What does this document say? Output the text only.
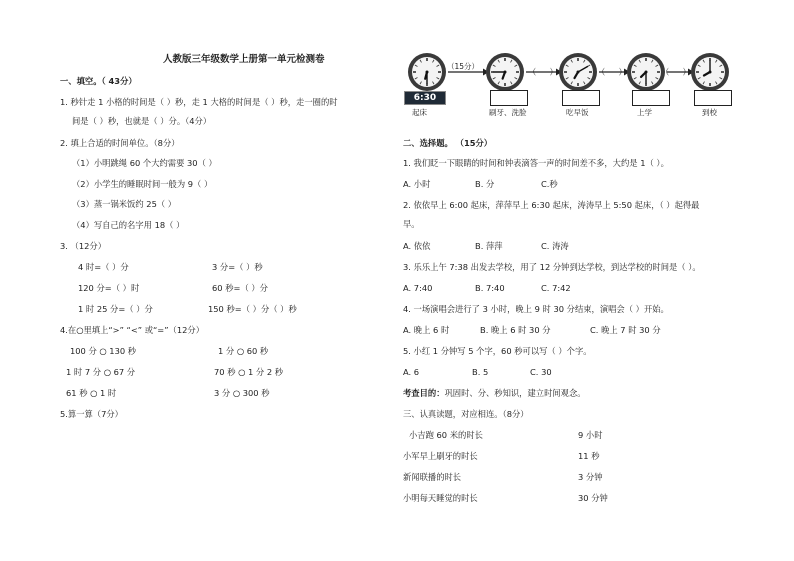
人教版三年级数学上册第一单元检测卷
一、填空。（ 43分）
1. 秒针走 1 小格的时间是（ ）秒，走 1 大格的时间是（ ）秒，走一圈的时
间是（ ）秒，也就是（ ）分。（4分）
2. 填上合适的时间单位。（8分）
（1）小明跳绳 60 个大约需要 30（ ）
（2）小学生的睡眠时间一般为 9（ ）
（3）蒸一锅米饭约 25（ ）
（4）写自己的名字用 18（ ）
3. （12分）
4 时=（ ）分	3 分=（ ）秒
120 分=（ ）时	60 秒=（ ）分
1 时 25 分=（ ）分	150 秒=（ ）分（ ）秒
4.在○里填上“>” “<” 或“=”（12分）
100 分 ○ 130 秒	1 分 ○ 60 秒
1 时 7 分 ○ 67 分	70 秒 ○ 1 分 2 秒
61 秒 ○ 1 时	3 分 ○ 300 秒
5.算一算（7分）
（15分）
6:30
（     ）	（     ）	（     ）
起床	刷牙、洗脸	吃早饭	上学	到校
二、选择题。 （15分）
1. 我们眨一下眼睛的时间和钟表滴答一声的时间差不多，大约是 1（ ）。
A. 小时	B. 分	C.秒
2. 依依早上 6:00 起床，萍萍早上 6:30 起床，涛涛早上 5:50 起床，（ ）起得最
早。
A. 依依	B. 萍萍	C. 涛涛
3. 乐乐上午 7:38 出发去学校，用了 12 分钟到达学校，到达学校的时间是（ ）。
A. 7:40	B. 7:40	C. 7:42
4. 一场演唱会进行了 3 小时，晚上 9 时 30 分结束，演唱会（ ）开始。
A. 晚上 6 时	B. 晚上 6 时 30 分	C. 晚上 7 时 30 分
5. 小红 1 分钟写 5 个字，60 秒可以写（ ）个字。
A. 6	B. 5	C. 30
考查目的：巩固时、分、秒知识，建立时间观念。
三、认真读题，对应相连。（8分）
小吉跑 60 米的时长
小军早上刷牙的时长
新闻联播的时长
小明每天睡觉的时长
9 小时
11 秒
3 分钟
30 分钟
